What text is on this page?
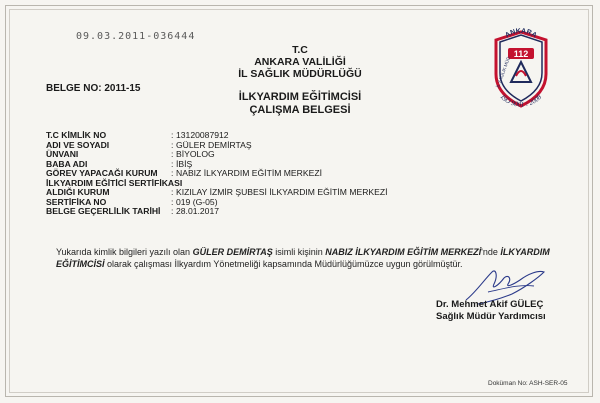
09.03.2011-036444
T.C
ANKARA VALİLİĞİ
İL SAĞLIK MÜDÜRLÜĞÜ
BELGE NO: 2011-15
İLKYARDIM EĞİTİMCİSİ
ÇALIŞMA BELGESİ
ANKARA
112
İL SAĞLIK MÜD.
ISO 9001 : 2008
T.C KİMLİK NO	: 13120087912
ADI VE SOYADI	: GÜLER DEMİRTAŞ
ÜNVANI	: BİYOLOG
BABA ADI	: İBİŞ
GÖREV YAPACAĞI KURUM : NABIZ İLKYARDIM EĞİTİM MERKEZİ
İLKYARDIM EĞİTİCİ SERTİFİKASI
ALDIĞI KURUM	: KIZILAY İZMİR ŞUBESİ İLKYARDIM EĞİTİM MERKEZİ
SERTİFİKA NO	: 019 (G-05)
BELGE GEÇERLİLİK TARİHİ : 28.01.2017
Yukarıda kimlik bilgileri yazılı olan GÜLER DEMİRTAŞ isimli kişinin NABIZ İLKYARDIM EĞİTİM MERKEZİ'nde İLKYARDIM EĞİTİMCİSİ olarak çalışması İlkyardım Yönetmeliği kapsamında Müdürlüğümüzce uygun görülmüştür.
Dr. Mehmet Akif GÜLEÇ
Sağlık Müdür Yardımcısı
Doküman No: ASH-SER-05
